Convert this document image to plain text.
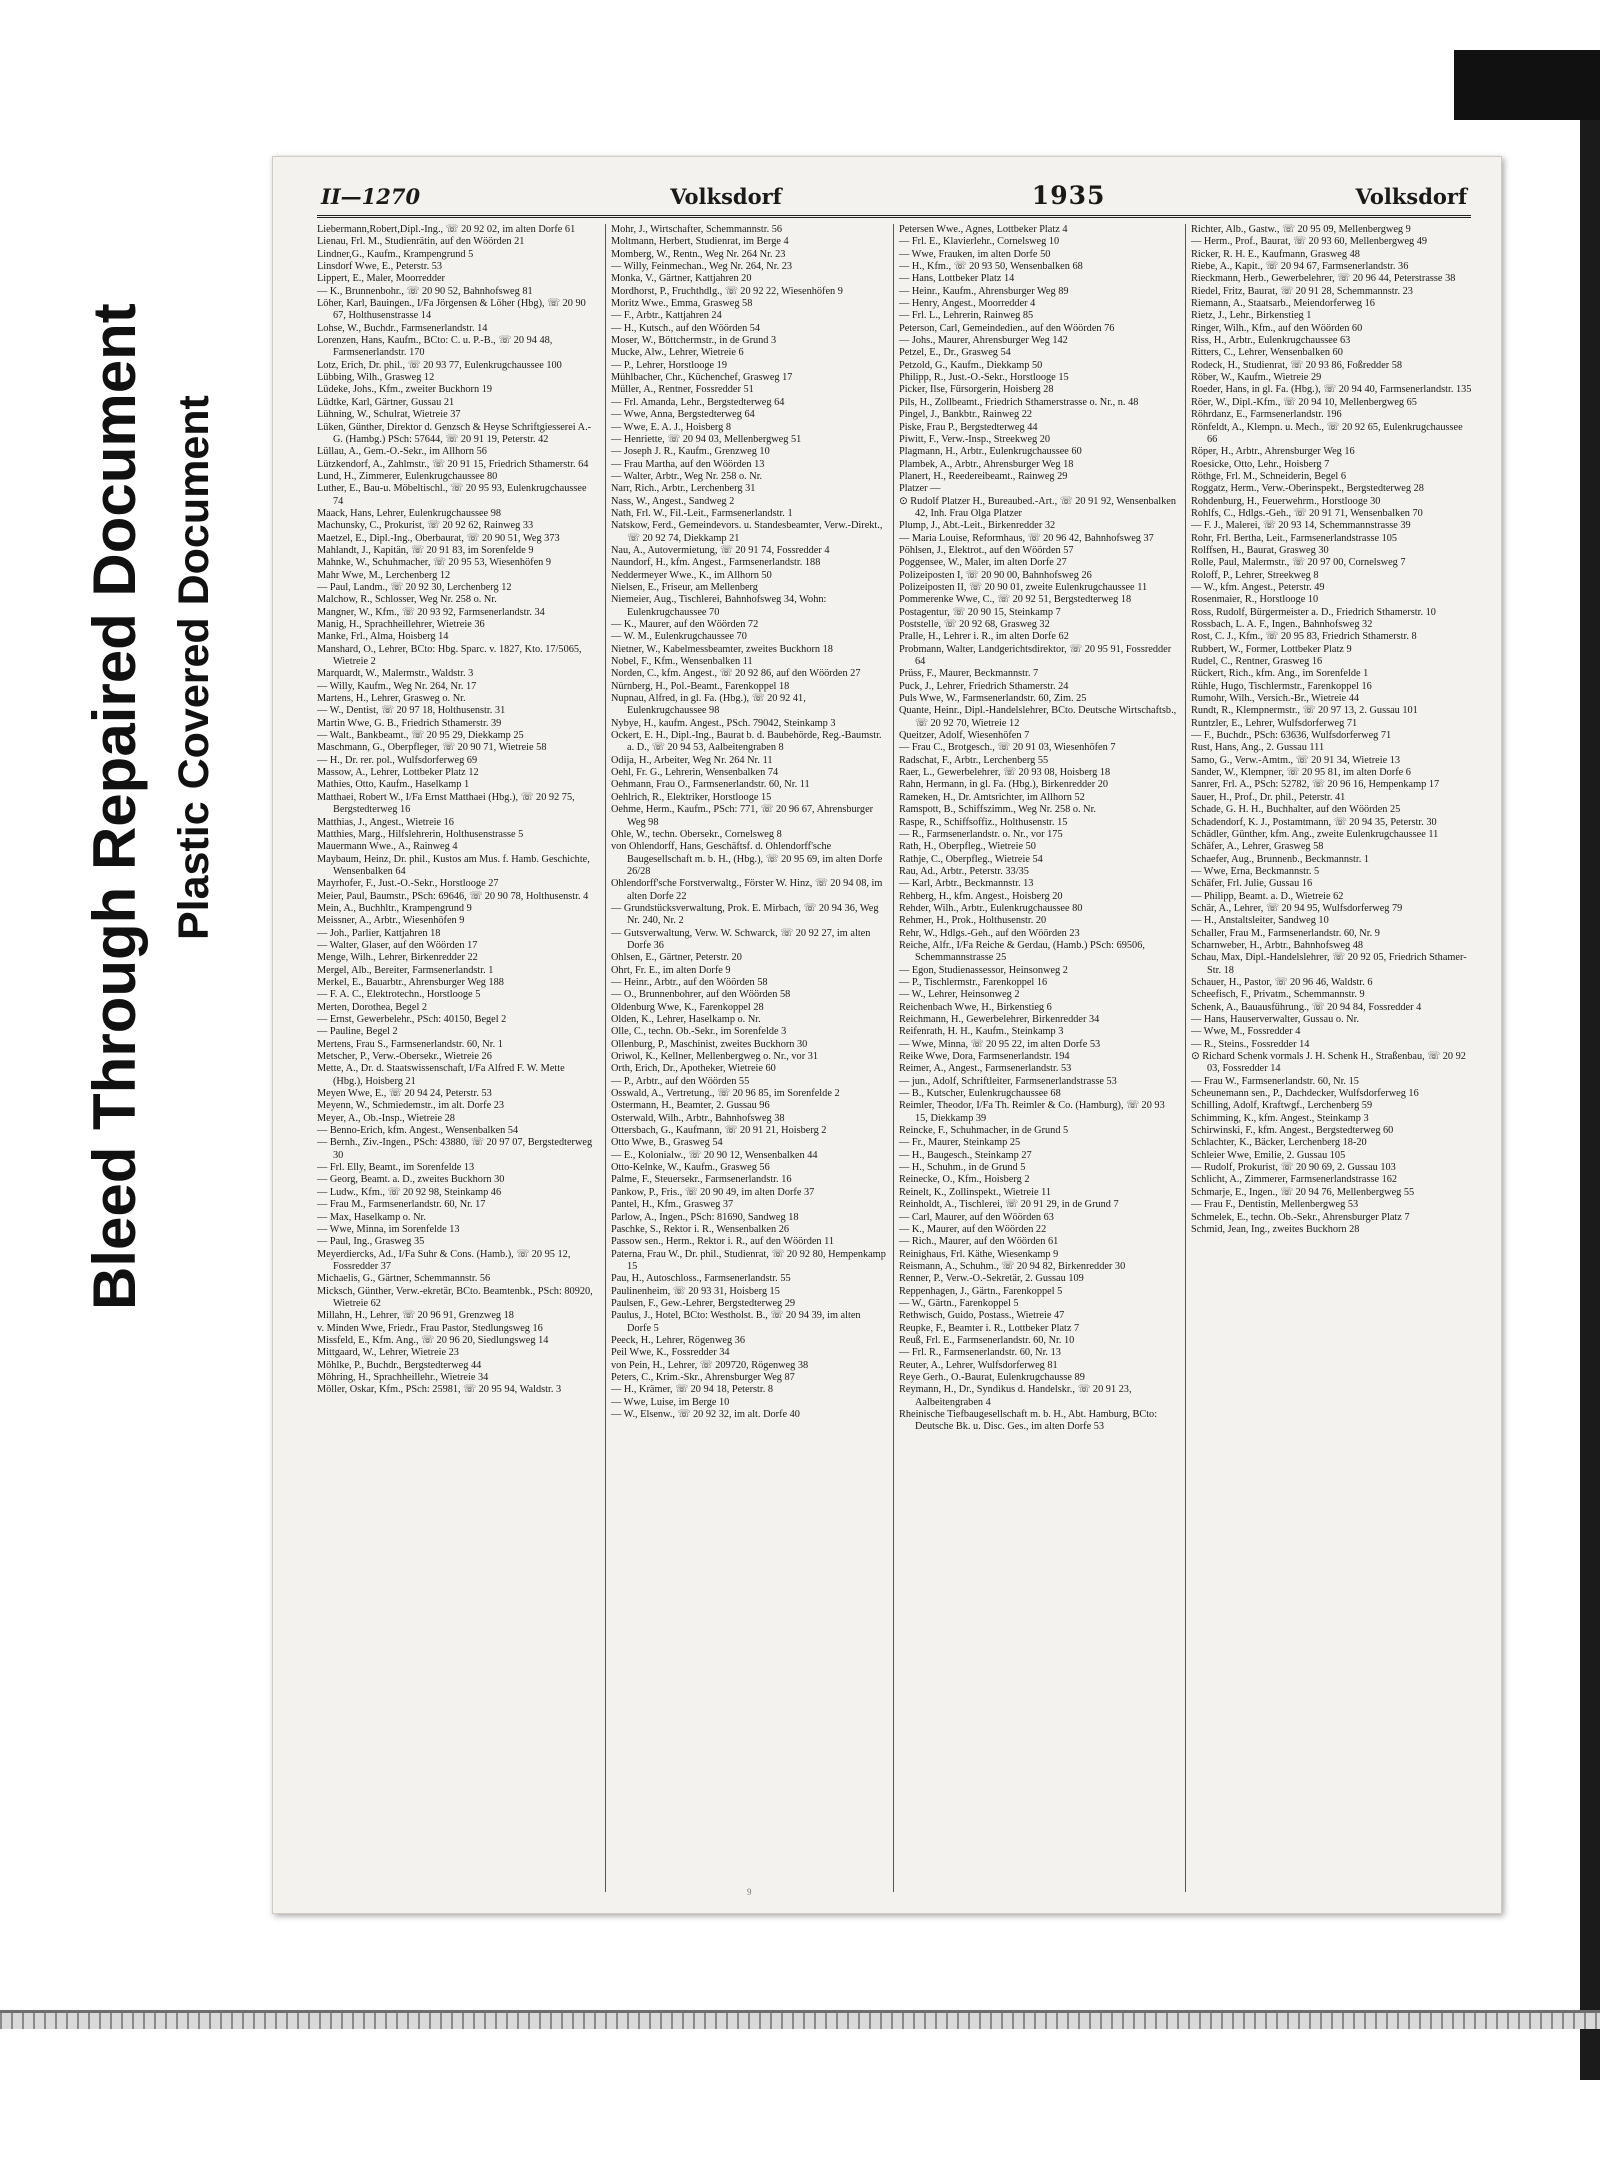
Bleed Through Repaired Document Plastic Covered Document
II—1270	Volksdorf	1935	Volksdorf

Liebermann,Robert,Dipl.-Ing., ☏ 20 92 02, im alten Dorfe 61

Lienau, Frl. M., Studienrätin, auf den Wöörden 21

Lindner,G., Kaufm., Krampengrund 5

Linsdorf Wwe, E., Peterstr. 53

Lippert, E., Maler, Moorredder

— K., Brunnenbohr., ☏ 20 90 52, Bahnhofsweg 81

Löher, Karl, Bauingen., I/Fa Jörgensen & Löher (Hbg), ☏ 20 90 67, Holthusenstrasse 14

Lohse, W., Buchdr., Farmsenerlandstr. 14

Lorenzen, Hans, Kaufm., BCto: C. u. P.-B., ☏ 20 94 48, Farmsenerlandstr. 170

Lotz, Erich, Dr. phil., ☏ 20 93 77, Eulenkrugchaussee 100

Lübbing, Wilh., Grasweg 12

Lüdeke, Johs., Kfm., zweiter Buckhorn 19

Lüdtke, Karl, Gärtner, Gussau 21

Lühning, W., Schulrat, Wietreie 37

Lüken, Günther, Direktor d. Genzsch & Heyse Schriftgiesserei A.-G. (Hambg.) PSch: 57644, ☏ 20 91 19, Peterstr. 42

Lüllau, A., Gem.-O.-Sekr., im Allhorn 56

Lützkendorf, A., Zahlmstr., ☏ 20 91 15, Friedrich Sthamerstr. 64

Lund, H., Zimmerer, Eulenkrugchaussee 80

Luther, E., Bau-u. Möbeltischl., ☏ 20 95 93, Eulenkrugchaussee 74

Maack, Hans, Lehrer, Eulenkrugchaussee 98

Machunsky, C., Prokurist, ☏ 20 92 62, Rainweg 33

Maetzel, E., Dipl.-Ing., Oberbaurat, ☏ 20 90 51, Weg 373

Mahlandt, J., Kapitän, ☏ 20 91 83, im Sorenfelde 9

Mahnke, W., Schuhmacher, ☏ 20 95 53, Wiesenhöfen 9

Mahr Wwe, M., Lerchenberg 12

— Paul, Landm., ☏ 20 92 30, Lerchenberg 12

Malchow, R., Schlosser, Weg Nr. 258 o. Nr.

Mangner, W., Kfm., ☏ 20 93 92, Farmsenerlandstr. 34

Manig, H., Sprachheillehrer, Wietreie 36

Manke, Frl., Alma, Hoisberg 14

Manshard, O., Lehrer, BCto: Hbg. Sparc. v. 1827, Kto. 17/5065, Wietreie 2

Marquardt, W., Malermstr., Waldstr. 3

— Willy, Kaufm., Weg Nr. 264, Nr. 17

Martens, H., Lehrer, Grasweg o. Nr.

— W., Dentist, ☏ 20 97 18, Holthusenstr. 31

Martin Wwe, G. B., Friedrich Sthamerstr. 39

— Walt., Bankbeamt., ☏ 20 95 29, Diekkamp 25

Maschmann, G., Oberpfleger, ☏ 20 90 71, Wietreie 58

— H., Dr. rer. pol., Wulfsdorferweg 69

Massow, A., Lehrer, Lottbeker Platz 12

Mathies, Otto, Kaufm., Haselkamp 1

Matthaei, Robert W., I/Fa Ernst Matthaei (Hbg.), ☏ 20 92 75, Bergstedterweg 16

Matthias, J., Angest., Wietreie 16

Matthies, Marg., Hilfslehrerin, Holthusenstrasse 5

Mauermann Wwe., A., Rainweg 4

Maybaum, Heinz, Dr. phil., Kustos am Mus. f. Hamb. Geschichte, Wensenbalken 64

Mayrhofer, F., Just.-O.-Sekr., Horstlooge 27

Meier, Paul, Baumstr., PSch: 69646, ☏ 20 90 78, Holthusenstr. 4

Mein, A., Buchhltr., Krampengrund 9

Meissner, A., Arbtr., Wiesenhöfen 9

— Joh., Parlier, Kattjahren 18

— Walter, Glaser, auf den Wöörden 17

Menge, Wilh., Lehrer, Birkenredder 22

Mergel, Alb., Bereiter, Farmsenerlandstr. 1

Merkel, E., Bauarbtr., Ahrensburger Weg 188

— F. A. C., Elektrotechn., Horstlooge 5

Merten, Dorothea, Begel 2

— Ernst, Gewerbelehr., PSch: 40150, Begel 2

— Pauline, Begel 2

Mertens, Frau S., Farmsenerlandstr. 60, Nr. 1

Metscher, P., Verw.-Obersekr., Wietreie 26

Mette, A., Dr. d. Staatswissenschaft, I/Fa Alfred F. W. Mette (Hbg.), Hoisberg 21

Meyen Wwe, E., ☏ 20 94 24, Peterstr. 53

Meyenn, W., Schmiedemstr., im alt. Dorfe 23

Meyer, A., Ob.-Insp., Wietreie 28

— Benno-Erich, kfm. Angest., Wensenbalken 54

— Bernh., Ziv.-Ingen., PSch: 43880, ☏ 20 97 07, Bergstedterweg 30

— Frl. Elly, Beamt., im Sorenfelde 13

— Georg, Beamt. a. D., zweites Buckhorn 30

— Ludw., Kfm., ☏ 20 92 98, Steinkamp 46

— Frau M., Farmsenerlandstr. 60, Nr. 17

— Max, Haselkamp o. Nr.

— Wwe, Minna, im Sorenfelde 13

— Paul, Ing., Grasweg 35

Meyerdiercks, Ad., I/Fa Suhr & Cons. (Hamb.), ☏ 20 95 12, Fossredder 37

Michaelis, G., Gärtner, Schemmannstr. 56

Micksch, Günther, Verw.-ekretär, BCto. Beamtenbk., PSch: 80920, Wietreie 62

Millahn, H., Lehrer, ☏ 20 96 91, Grenzweg 18

v. Minden Wwe, Friedr., Frau Pastor, Stedlungsweg 16

Missfeld, E., Kfm. Ang., ☏ 20 96 20, Siedlungsweg 14

Mittgaard, W., Lehrer, Wietreie 23

Möhlke, P., Buchdr., Bergstedterweg 44

Möhring, H., Sprachheillehr., Wietreie 34

Möller, Oskar, Kfm., PSch: 25981, ☏ 20 95 94, Waldstr. 3

Mohr, J., Wirtschafter, Schemmannstr. 56

Moltmann, Herbert, Studienrat, im Berge 4

Momberg, W., Rentn., Weg Nr. 264 Nr. 23

— Willy, Feinmechan., Weg Nr. 264, Nr. 23

Monka, V., Gärtner, Kattjahren 20

Mordhorst, P., Fruchthdlg., ☏ 20 92 22, Wiesenhöfen 9

Moritz Wwe., Emma, Grasweg 58

— F., Arbtr., Kattjahren 24

— H., Kutsch., auf den Wöörden 54

Moser, W., Böttchermstr., in de Grund 3

Mucke, Alw., Lehrer, Wietreie 6

— P., Lehrer, Horstlooge 19

Mühlbacher, Chr., Küchenchef, Grasweg 17

Müller, A., Rentner, Fossredder 51

— Frl. Amanda, Lehr., Bergstedterweg 64

— Wwe, Anna, Bergstedterweg 64

— Wwe, E. A. J., Hoisberg 8

— Henriette, ☏ 20 94 03, Mellenbergweg 51

— Joseph J. R., Kaufm., Grenzweg 10

— Frau Martha, auf den Wöörden 13

— Walter, Arbtr., Weg Nr. 258 o. Nr.

Narr, Rich., Arbtr., Lerchenberg 31

Nass, W., Angest., Sandweg 2

Nath, Frl. W., Fil.-Leit., Farmsenerlandstr. 1

Natskow, Ferd., Gemeindevors. u. Standesbeamter, Verw.-Direkt., ☏ 20 92 74, Diekkamp 21

Nau, A., Autovermietung, ☏ 20 91 74, Fossredder 4

Naundorf, H., kfm. Angest., Farmsenerlandstr. 188

Neddermeyer Wwe., K., im Allhorn 50

Nielsen, E., Friseur, am Mellenberg

Niemeier, Aug., Tischlerei, Bahnhofsweg 34, Wohn: Eulenkrugchaussee 70

— K., Maurer, auf den Wöörden 72

— W. M., Eulenkrugchaussee 70

Nietner, W., Kabelmessbeamter, zweites Buckhorn 18

Nobel, F., Kfm., Wensenbalken 11

Norden, C., kfm. Angest., ☏ 20 92 86, auf den Wöörden 27

Nürnberg, H., Pol.-Beamt., Farenkoppel 18

Nupnau, Alfred, in gl. Fa. (Hbg.), ☏ 20 92 41, Eulenkrugchaussee 98

Nybye, H., kaufm. Angest., PSch. 79042, Steinkamp 3

Ockert, E. H., Dipl.-Ing., Baurat b. d. Baubehörde, Reg.-Baumstr. a. D., ☏ 20 94 53, Aalbeitengraben 8

Odija, H., Arbeiter, Weg Nr. 264 Nr. 11

Oehl, Fr. G., Lehrerin, Wensenbalken 74

Oehmann, Frau O., Farmsenerlandstr. 60, Nr. 11

Oehlrich, R., Elektriker, Horstlooge 15

Oehme, Herm., Kaufm., PSch: 771, ☏ 20 96 67, Ahrensburger Weg 98

Ohle, W., techn. Obersekr., Cornelsweg 8

von Ohlendorff, Hans, Geschäftsf. d. Ohlendorff'sche Baugesellschaft m. b. H., (Hbg.), ☏ 20 95 69, im alten Dorfe 26/28

Ohlendorff'sche Forstverwaltg., Förster W. Hinz, ☏ 20 94 08, im alten Dorfe 22

— Grundstücksverwaltung, Prok. E. Mirbach, ☏ 20 94 36, Weg Nr. 240, Nr. 2

— Gutsverwaltung, Verw. W. Schwarck, ☏ 20 92 27, im alten Dorfe 36

Ohlsen, E., Gärtner, Peterstr. 20

Ohrt, Fr. E., im alten Dorfe 9

— Heinr., Arbtr., auf den Wöörden 58

— O., Brunnenbohrer, auf den Wöörden 58

Oldenburg Wwe, K., Farenkoppel 28

Olden, K., Lehrer, Haselkamp o. Nr.

Olle, C., techn. Ob.-Sekr., im Sorenfelde 3

Ollenburg, P., Maschinist, zweites Buckhorn 30

Oriwol, K., Kellner, Mellenbergweg o. Nr., vor 31

Orth, Erich, Dr., Apotheker, Wietreie 60

— P., Arbtr., auf den Wöörden 55

Osswald, A., Vertretung., ☏ 20 96 85, im Sorenfelde 2

Ostermann, H., Beamter, 2. Gussau 96

Osterwald, Wilh., Arbtr., Bahnhofsweg 38

Ottersbach, G., Kaufmann, ☏ 20 91 21, Hoisberg 2

Otto Wwe, B., Grasweg 54

— E., Kolonialw., ☏ 20 90 12, Wensenbalken 44

Otto-Kelnke, W., Kaufm., Grasweg 56

Palme, F., Steuersekr., Farmsenerlandstr. 16

Pankow, P., Fris., ☏ 20 90 49, im alten Dorfe 37

Pantel, H., Kfm., Grasweg 37

Parlow, A., Ingen., PSch: 81690, Sandweg 18

Paschke, S., Rektor i. R., Wensenbalken 26

Passow sen., Herm., Rektor i. R., auf den Wöörden 11

Paterna, Frau W., Dr. phil., Studienrat, ☏ 20 92 80, Hempenkamp 15

Pau, H., Autoschloss., Farmsenerlandstr. 55

Paulinenheim, ☏ 20 93 31, Hoisberg 15

Paulsen, F., Gew.-Lehrer, Bergstedterweg 29

Paulus, J., Hotel, BCto: Westholst. B., ☏ 20 94 39, im alten Dorfe 5

Peeck, H., Lehrer, Rögenweg 36

Peil Wwe, K., Fossredder 34

von Pein, H., Lehrer, ☏ 209720, Rögenweg 38

Peters, C., Krim.-Skr., Ahrensburger Weg 87

— H., Krämer, ☏ 20 94 18, Peterstr. 8

— Wwe, Luise, im Berge 10

— W., Elsenw., ☏ 20 92 32, im alt. Dorfe 40

Petersen Wwe., Agnes, Lottbeker Platz 4

— Frl. E., Klavierlehr., Cornelsweg 10

— Wwe, Frauken, im alten Dorfe 50

— H., Kfm., ☏ 20 93 50, Wensenbalken 68

— Hans, Lottbeker Platz 14

— Heinr., Kaufm., Ahrensburger Weg 89

— Henry, Angest., Moorredder 4

— Frl. L., Lehrerin, Rainweg 85

Peterson, Carl, Gemeindedien., auf den Wöörden 76

— Johs., Maurer, Ahrensburger Weg 142

Petzel, E., Dr., Grasweg 54

Petzold, G., Kaufm., Diekkamp 50

Philipp, R., Just.-O.-Sekr., Horstlooge 15

Picker, Ilse, Fürsorgerin, Hoisberg 28

Pils, H., Zollbeamt., Friedrich Sthamerstrasse o. Nr., n. 48

Pingel, J., Bankbtr., Rainweg 22

Piske, Frau P., Bergstedterweg 44

Piwitt, F., Verw.-Insp., Streekweg 20

Plagmann, H., Arbtr., Eulenkrugchaussee 60

Plambek, A., Arbtr., Ahrensburger Weg 18

Planert, H., Reedereibeamt., Rainweg 29

Platzer —

⊙ Rudolf Platzer H., Bureaubed.-Art., ☏ 20 91 92, Wensenbalken 42, Inh. Frau Olga Platzer

Plump, J., Abt.-Leit., Birkenredder 32

— Maria Louise, Reformhaus, ☏ 20 96 42, Bahnhofsweg 37

Pöhlsen, J., Elektrot., auf den Wöörden 57

Poggensee, W., Maler, im alten Dorfe 27

Polizeiposten I, ☏ 20 90 00, Bahnhofsweg 26

Polizeiposten II, ☏ 20 90 01, zweite Eulenkrugchaussee 11

Pommerenke Wwe, C., ☏ 20 92 51, Bergstedterweg 18

Postagentur, ☏ 20 90 15, Steinkamp 7

Poststelle, ☏ 20 92 68, Grasweg 32

Pralle, H., Lehrer i. R., im alten Dorfe 62

Probmann, Walter, Landgerichtsdirektor, ☏ 20 95 91, Fossredder 64

Prüss, F., Maurer, Beckmannstr. 7

Puck, J., Lehrer, Friedrich Sthamerstr. 24

Puls Wwe, W., Farmsenerlandstr. 60, Zim. 25

Quante, Heinr., Dipl.-Handelslehrer, BCto. Deutsche Wirtschaftsb., ☏ 20 92 70, Wietreie 12

Queitzer, Adolf, Wiesenhöfen 7

— Frau C., Brotgesch., ☏ 20 91 03, Wiesenhöfen 7

Radschat, F., Arbtr., Lerchenberg 55

Raer, L., Gewerbelehrer, ☏ 20 93 08, Hoisberg 18

Rahn, Hermann, in gl. Fa. (Hbg.), Birkenredder 20

Rameken, H., Dr. Amtsrichter, im Allhorn 52

Ramspott, B., Schiffszimm., Weg Nr. 258 o. Nr.

Raspe, R., Schiffsoffiz., Holthusenstr. 15

— R., Farmsenerlandstr. o. Nr., vor 175

Rath, H., Oberpfleg., Wietreie 50

Rathje, C., Oberpfleg., Wietreie 54

Rau, Ad., Arbtr., Peterstr. 33/35

— Karl, Arbtr., Beckmannstr. 13

Rehberg, H., kfm. Angest., Hoisberg 20

Rehder, Wilh., Arbtr., Eulenkrugchaussee 80

Rehmer, H., Prok., Holthusenstr. 20

Rehr, W., Hdlgs.-Geh., auf den Wöörden 23

Reiche, Alfr., I/Fa Reiche & Gerdau, (Hamb.) PSch: 69506, Schemmannstrasse 25

— Egon, Studienassessor, Heinsonweg 2

— P., Tischlermstr., Farenkoppel 16

— W., Lehrer, Heinsonweg 2

Reichenbach Wwe, H., Birkenstieg 6

Reichmann, H., Gewerbelehrer, Birkenredder 34

Reifenrath, H. H., Kaufm., Steinkamp 3

— Wwe, Minna, ☏ 20 95 22, im alten Dorfe 53

Reike Wwe, Dora, Farmsenerlandstr. 194

Reimer, A., Angest., Farmsenerlandstr. 53

— jun., Adolf, Schriftleiter, Farmsenerlandstrasse 53

— B., Kutscher, Eulenkrugchaussee 68

Reimler, Theodor, I/Fa Th. Reimler & Co. (Hamburg), ☏ 20 93 15, Diekkamp 39

Reincke, F., Schuhmacher, in de Grund 5

— Fr., Maurer, Steinkamp 25

— H., Baugesch., Steinkamp 27

— H., Schuhm., in de Grund 5

Reinecke, O., Kfm., Hoisberg 2

Reinelt, K., Zollinspekt., Wietreie 11

Reinholdt, A., Tischlerei, ☏ 20 91 29, in de Grund 7

— Carl, Maurer, auf den Wöörden 63

— K., Maurer, auf den Wöörden 22

— Rich., Maurer, auf den Wöörden 61

Reinighaus, Frl. Käthe, Wiesenkamp 9

Reismann, A., Schuhm., ☏ 20 94 82, Birkenredder 30

Renner, P., Verw.-O.-Sekretär, 2. Gussau 109

Reppenhagen, J., Gärtn., Farenkoppel 5

— W., Gärtn., Farenkoppel 5

Rethwisch, Guido, Postass., Wietreie 47

Reupke, F., Beamter i. R., Lottbeker Platz 7

Reuß, Frl. E., Farmsenerlandstr. 60, Nr. 10

— Frl. R., Farmsenerlandstr. 60, Nr. 13

Reuter, A., Lehrer, Wulfsdorferweg 81

Reye Gerh., O.-Baurat, Eulenkrugchausse 89

Reymann, H., Dr., Syndikus d. Handelskr., ☏ 20 91 23, Aalbeitengraben 4

Rheinische Tiefbaugesellschaft m. b. H., Abt. Hamburg, BCto: Deutsche Bk. u. Disc. Ges., im alten Dorfe 53

Richter, Alb., Gastw., ☏ 20 95 09, Mellenbergweg 9

— Herm., Prof., Baurat, ☏ 20 93 60, Mellenbergweg 49

Ricker, R. H. E., Kaufmann, Grasweg 48

Riebe, A., Kapit., ☏ 20 94 67, Farmsenerlandstr. 36

Rieckmann, Herb., Gewerbelehrer, ☏ 20 96 44, Peterstrasse 38

Riedel, Fritz, Baurat, ☏ 20 91 28, Schemmannstr. 23

Riemann, A., Staatsarb., Meiendorferweg 16

Rietz, J., Lehr., Birkenstieg 1

Ringer, Wilh., Kfm., auf den Wöörden 60

Riss, H., Arbtr., Eulenkrugchaussee 63

Ritters, C., Lehrer, Wensenbalken 60

Rodeck, H., Studienrat, ☏ 20 93 86, Foßredder 58

Röber, W., Kaufm., Wietreie 29

Roeder, Hans, in gl. Fa. (Hbg.), ☏ 20 94 40, Farmsenerlandstr. 135

Röer, W., Dipl.-Kfm., ☏ 20 94 10, Mellenbergweg 65

Röhrdanz, E., Farmsenerlandstr. 196

Rönfeldt, A., Klempn. u. Mech., ☏ 20 92 65, Eulenkrugchaussee 66

Röper, H., Arbtr., Ahrensburger Weg 16

Roesicke, Otto, Lehr., Hoisberg 7

Röthge, Frl. M., Schneiderin, Begel 6

Roggatz, Herm., Verw.-Oberinspekt., Bergstedterweg 28

Rohdenburg, H., Feuerwehrm., Horstlooge 30

Rohlfs, C., Hdlgs.-Geh., ☏ 20 91 71, Wensenbalken 70

— F. J., Malerei, ☏ 20 93 14, Schemmannstrasse 39

Rohr, Frl. Bertha, Leit., Farmsenerlandstrasse 105

Rolffsen, H., Baurat, Grasweg 30

Rolle, Paul, Malermstr., ☏ 20 97 00, Cornelsweg 7

Roloff, P., Lehrer, Streekweg 8

— W., kfm. Angest., Peterstr. 49

Rosenmaier, R., Horstlooge 10

Ross, Rudolf, Bürgermeister a. D., Friedrich Sthamerstr. 10

Rossbach, L. A. F., Ingen., Bahnhofsweg 32

Rost, C. J., Kfm., ☏ 20 95 83, Friedrich Sthamerstr. 8

Rubbert, W., Former, Lottbeker Platz 9

Rudel, C., Rentner, Grasweg 16

Rückert, Rich., kfm. Ang., im Sorenfelde 1

Rühle, Hugo, Tischlermstr., Farenkoppel 16

Rumohr, Wilh., Versich.-Br., Wietreie 44

Rundt, R., Klempnermstr., ☏ 20 97 13, 2. Gussau 101

Runtzler, E., Lehrer, Wulfsdorferweg 71

— F., Buchdr., PSch: 63636, Wulfsdorferweg 71

Rust, Hans, Ang., 2. Gussau 111

Samo, G., Verw.-Amtm., ☏ 20 91 34, Wietreie 13

Sander, W., Klempner, ☏ 20 95 81, im alten Dorfe 6

Sanrer, Frl. A., PSch: 52782, ☏ 20 96 16, Hempenkamp 17

Sauer, H., Prof., Dr. phil., Peterstr. 41

Schade, G. H. H., Buchhalter, auf den Wöörden 25

Schadendorf, K. J., Postamtmann, ☏ 20 94 35, Peterstr. 30

Schädler, Günther, kfm. Ang., zweite Eulenkrugchaussee 11

Schäfer, A., Lehrer, Grasweg 58

Schaefer, Aug., Brunnenb., Beckmannstr. 1

— Wwe, Erna, Beckmannstr. 5

Schäfer, Frl. Julie, Gussau 16

— Philipp, Beamt. a. D., Wietreie 62

Schär, A., Lehrer, ☏ 20 94 95, Wulfsdorferweg 79

— H., Anstaltsleiter, Sandweg 10

Schaller, Frau M., Farmsenerlandstr. 60, Nr. 9

Scharnweber, H., Arbtr., Bahnhofsweg 48

Schau, Max, Dipl.-Handelslehrer, ☏ 20 92 05, Friedrich Sthamer-Str. 18

Schauer, H., Pastor, ☏ 20 96 46, Waldstr. 6

Scheefisch, F., Privatm., Schemmannstr. 9

Schenk, A., Bauausführung., ☏ 20 94 84, Fossredder 4

— Hans, Hauserverwalter, Gussau o. Nr.

— Wwe, M., Fossredder 4

— R., Steins., Fossredder 14

⊙ Richard Schenk vormals J. H. Schenk H., Straßenbau, ☏ 20 92 03, Fossredder 14

— Frau W., Farmsenerlandstr. 60, Nr. 15

Scheunemann sen., P., Dachdecker, Wulfsdorferweg 16

Schilling, Adolf, Kraftwgf., Lerchenberg 59

Schimming, K., kfm. Angest., Steinkamp 3

Schirwinski, F., kfm. Angest., Bergstedterweg 60

Schlachter, K., Bäcker, Lerchenberg 18-20

Schleier Wwe, Emilie, 2. Gussau 105

— Rudolf, Prokurist, ☏ 20 90 69, 2. Gussau 103

Schlicht, A., Zimmerer, Farmsenerlandstrasse 162

Schmarje, E., Ingen., ☏ 20 94 76, Mellenbergweg 55

— Frau F., Dentistin, Mellenbergweg 53

Schmelek, E., techn. Ob.-Sekr., Ahrensburger Platz 7

Schmid, Jean, Ing., zweites Buckhorn 28

9
